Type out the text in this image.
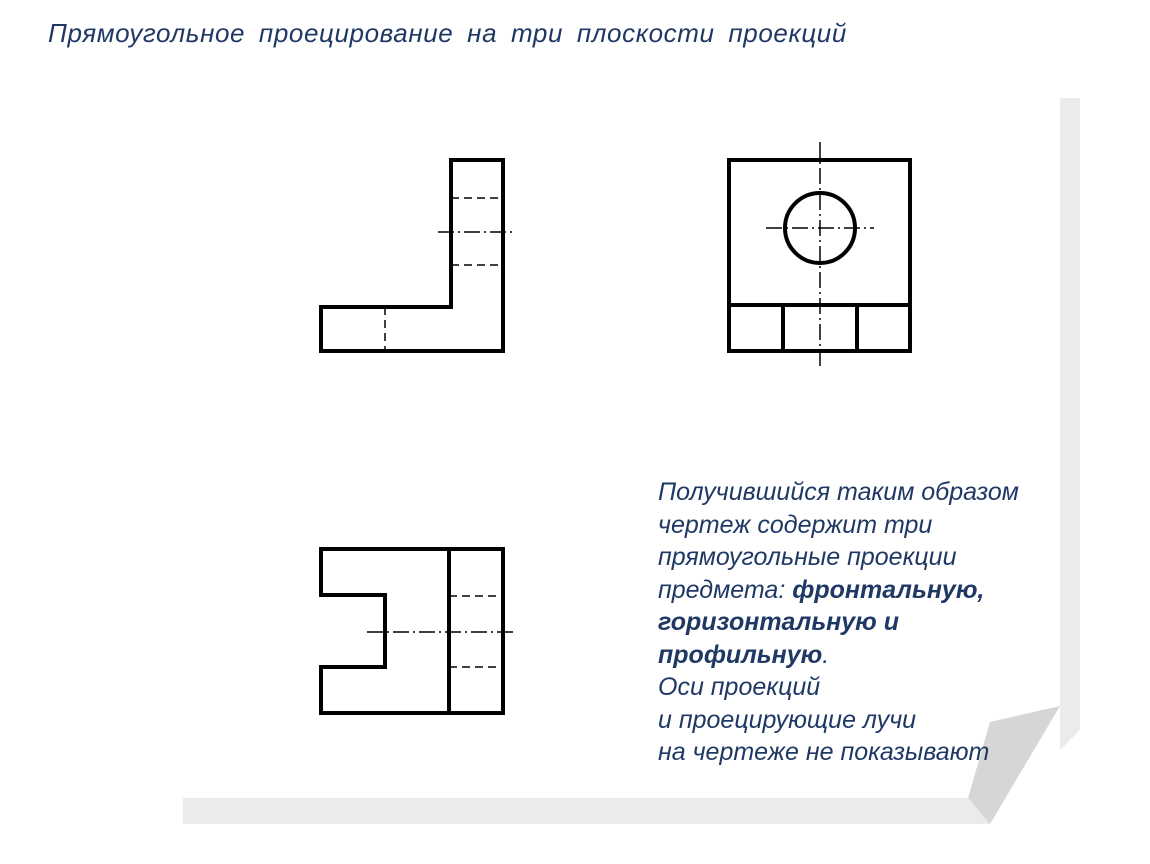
Прямоугольное проецирование на три плоскости проекций
Получившийся таким образом
чертеж содержит три
прямоугольные проекции
предмета: фронтальную,
горизонтальную и
профильную.
Оси проекций
и проецирующие лучи
на чертеже не показывают
